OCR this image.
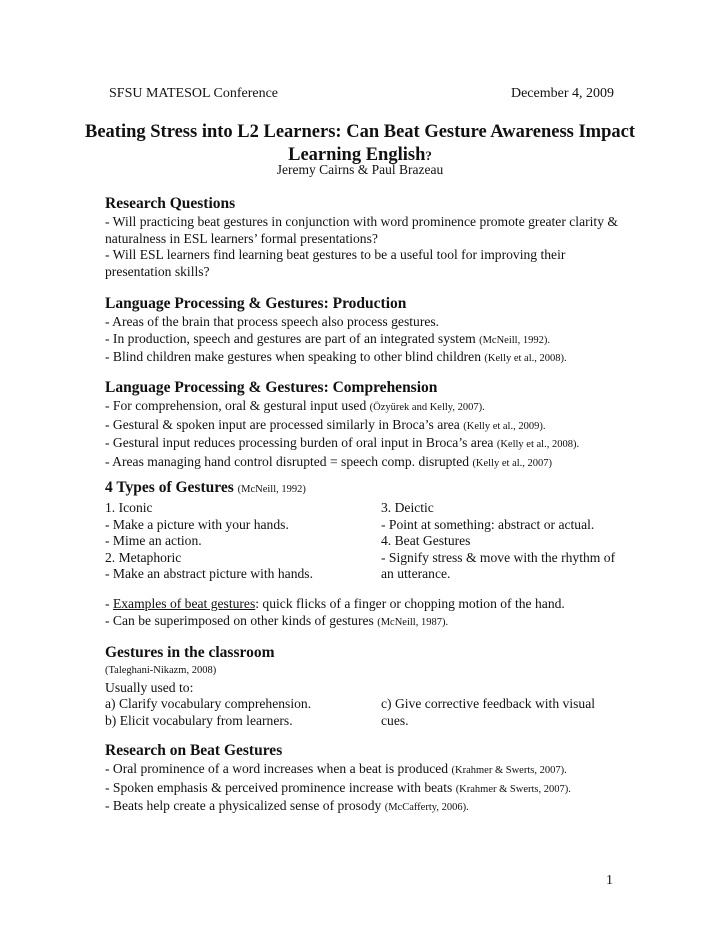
SFSU MATESOL Conference	December 4, 2009
Beating Stress into L2 Learners: Can Beat Gesture Awareness Impact Learning English?
Jeremy Cairns & Paul Brazeau
Research Questions
- Will practicing beat gestures in conjunction with word prominence promote greater clarity & naturalness in ESL learners’ formal presentations?
- Will ESL learners find learning beat gestures to be a useful tool for improving their presentation skills?
Language Processing & Gestures: Production
- Areas of the brain that process speech also process gestures.
- In production, speech and gestures are part of an integrated system (McNeill, 1992).
- Blind children make gestures when speaking to other blind children (Kelly et al., 2008).
Language Processing & Gestures: Comprehension
- For comprehension, oral & gestural input used (Özyürek and Kelly, 2007).
- Gestural & spoken input are processed similarly in Broca’s area (Kelly et al., 2009).
- Gestural input reduces processing burden of oral input in Broca’s area (Kelly et al., 2008).
- Areas managing hand control disrupted = speech comp. disrupted (Kelly et al., 2007)
4 Types of Gestures (McNeill, 1992)
1. Iconic
- Make a picture with your hands.
- Mime an action.
2. Metaphoric
- Make an abstract picture with hands.
3. Deictic
- Point at something: abstract or actual.
4. Beat Gestures
- Signify stress & move with the rhythm of an utterance.
- Examples of beat gestures: quick flicks of a finger or chopping motion of the hand.
- Can be superimposed on other kinds of gestures (McNeill, 1987).
Gestures in the classroom
(Taleghani-Nikazm, 2008)
Usually used to:
a) Clarify vocabulary comprehension.
b) Elicit vocabulary from learners.
c) Give corrective feedback with visual cues.
Research on Beat Gestures
- Oral prominence of a word increases when a beat is produced (Krahmer & Swerts, 2007).
- Spoken emphasis & perceived prominence increase with beats (Krahmer & Swerts, 2007).
- Beats help create a physicalized sense of prosody (McCafferty, 2006).
1
